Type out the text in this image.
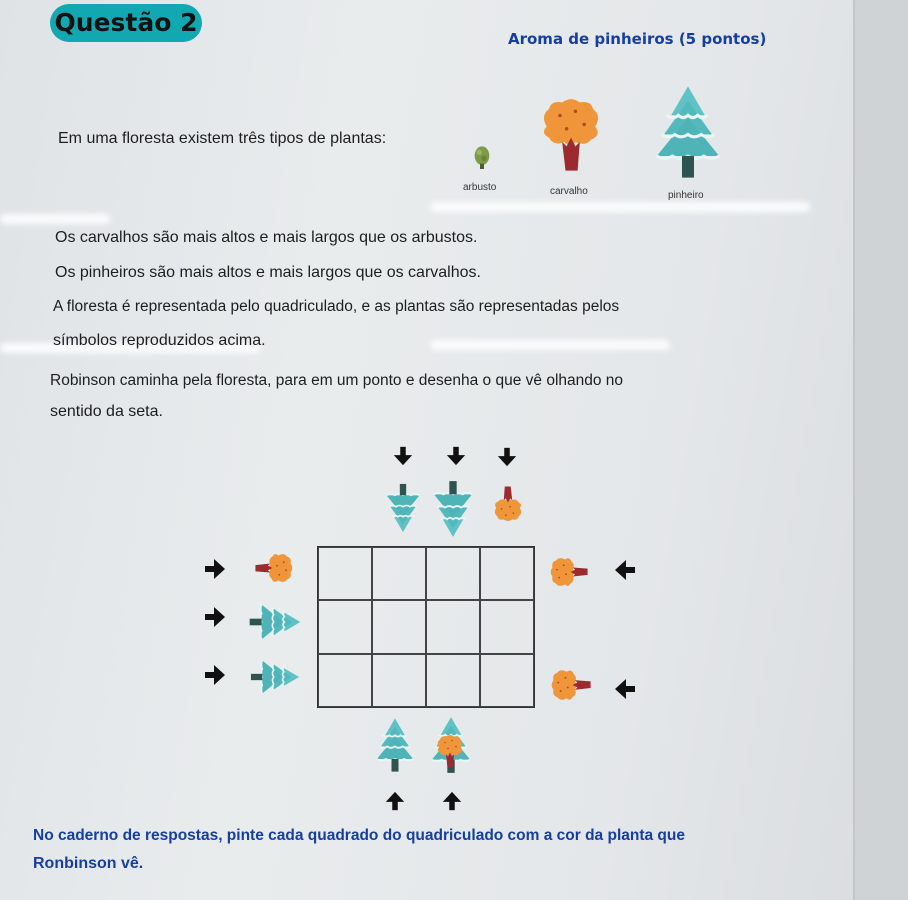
Questão 2
Aroma de pinheiros (5 pontos)
Em uma floresta existem três tipos de plantas:
arbusto	carvalho	pinheiro
Os carvalhos são mais altos e mais largos que os arbustos.
Os pinheiros são mais altos e mais largos que os carvalhos.
A floresta é representada pelo quadriculado, e as plantas são representadas pelos
símbolos reproduzidos acima.
Robinson caminha pela floresta, para em um ponto e desenha o que vê olhando no
sentido da seta.
No caderno de respostas, pinte cada quadrado do quadriculado com a cor da planta que
Ronbinson vê.
